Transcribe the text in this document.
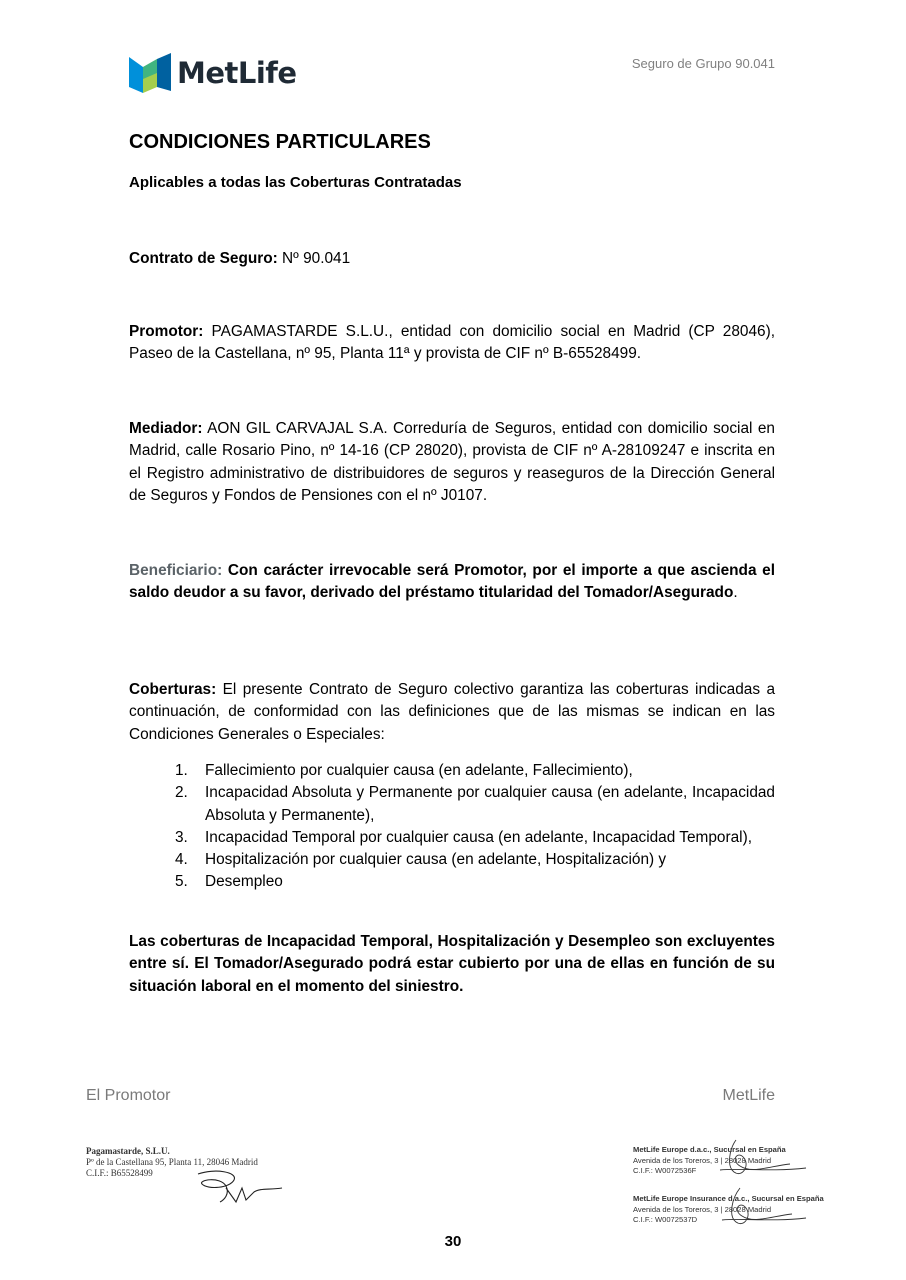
MetLife	Seguro de Grupo 90.041
CONDICIONES PARTICULARES
Aplicables a todas las Coberturas Contratadas
Contrato de Seguro: Nº 90.041
Promotor: PAGAMASTARDE S.L.U., entidad con domicilio social en Madrid (CP 28046), Paseo de la Castellana, nº 95, Planta 11ª y provista de CIF nº B-65528499.
Mediador: AON GIL CARVAJAL S.A. Correduría de Seguros, entidad con domicilio social en Madrid, calle Rosario Pino, nº 14-16 (CP 28020), provista de CIF nº A-28109247 e inscrita en el Registro administrativo de distribuidores de seguros y reaseguros de la Dirección General de Seguros y Fondos de Pensiones con el nº J0107.
Beneficiario: Con carácter irrevocable será Promotor, por el importe a que ascienda el saldo deudor a su favor, derivado del préstamo titularidad del Tomador/Asegurado.
Coberturas: El presente Contrato de Seguro colectivo garantiza las coberturas indicadas a continuación, de conformidad con las definiciones que de las mismas se indican en las Condiciones Generales o Especiales:
1. Fallecimiento por cualquier causa (en adelante, Fallecimiento),
2. Incapacidad Absoluta y Permanente por cualquier causa (en adelante, Incapacidad Absoluta y Permanente),
3. Incapacidad Temporal por cualquier causa (en adelante, Incapacidad Temporal),
4. Hospitalización por cualquier causa (en adelante, Hospitalización) y
5. Desempleo
Las coberturas de Incapacidad Temporal, Hospitalización y Desempleo son excluyentes entre sí. El Tomador/Asegurado podrá estar cubierto por una de ellas en función de su situación laboral en el momento del siniestro.
El Promotor	MetLife
Pagamastarde, S.L.U.
Pº de la Castellana 95, Planta 11, 28046 Madrid
C.I.F.: B65528499
MetLife Europe d.a.c., Sucursal en España
Avenida de los Toreros, 3 | 28028 Madrid
C.I.F.: W0072536F
MetLife Europe Insurance d.a.c., Sucursal en España
Avenida de los Toreros, 3 | 28028 Madrid
C.I.F.: W0072537D
30
